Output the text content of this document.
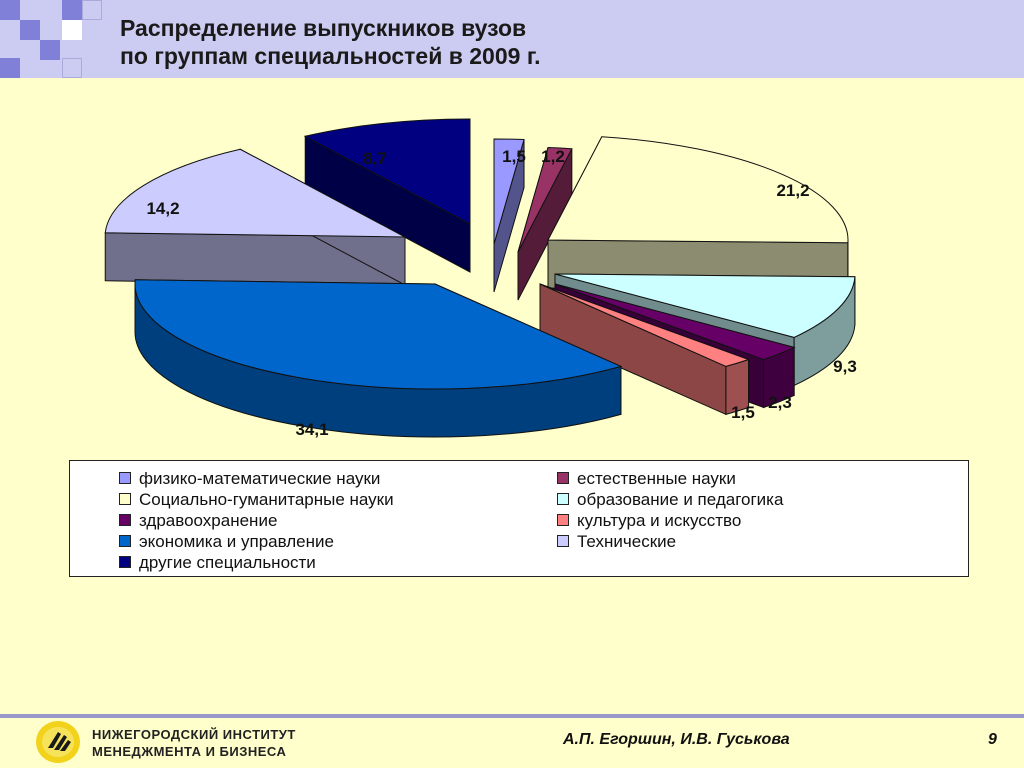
Распределение выпускников вузов
по группам специальностей в 2009 г.
1,5 1,2
21,2
9,3
2,3
1,5
34,1
14,2
8,7
физико-математические науки	естественные науки
Социально-гуманитарные науки	образование и педагогика
здравоохранение	культура и искусство
экономика и управление	Технические
другие специальности
НИЖЕГОРОДСКИЙ ИНСТИТУТ
МЕНЕДЖМЕНТА И БИЗНЕСА
А.П. Егоршин, И.В. Гуськова	9
